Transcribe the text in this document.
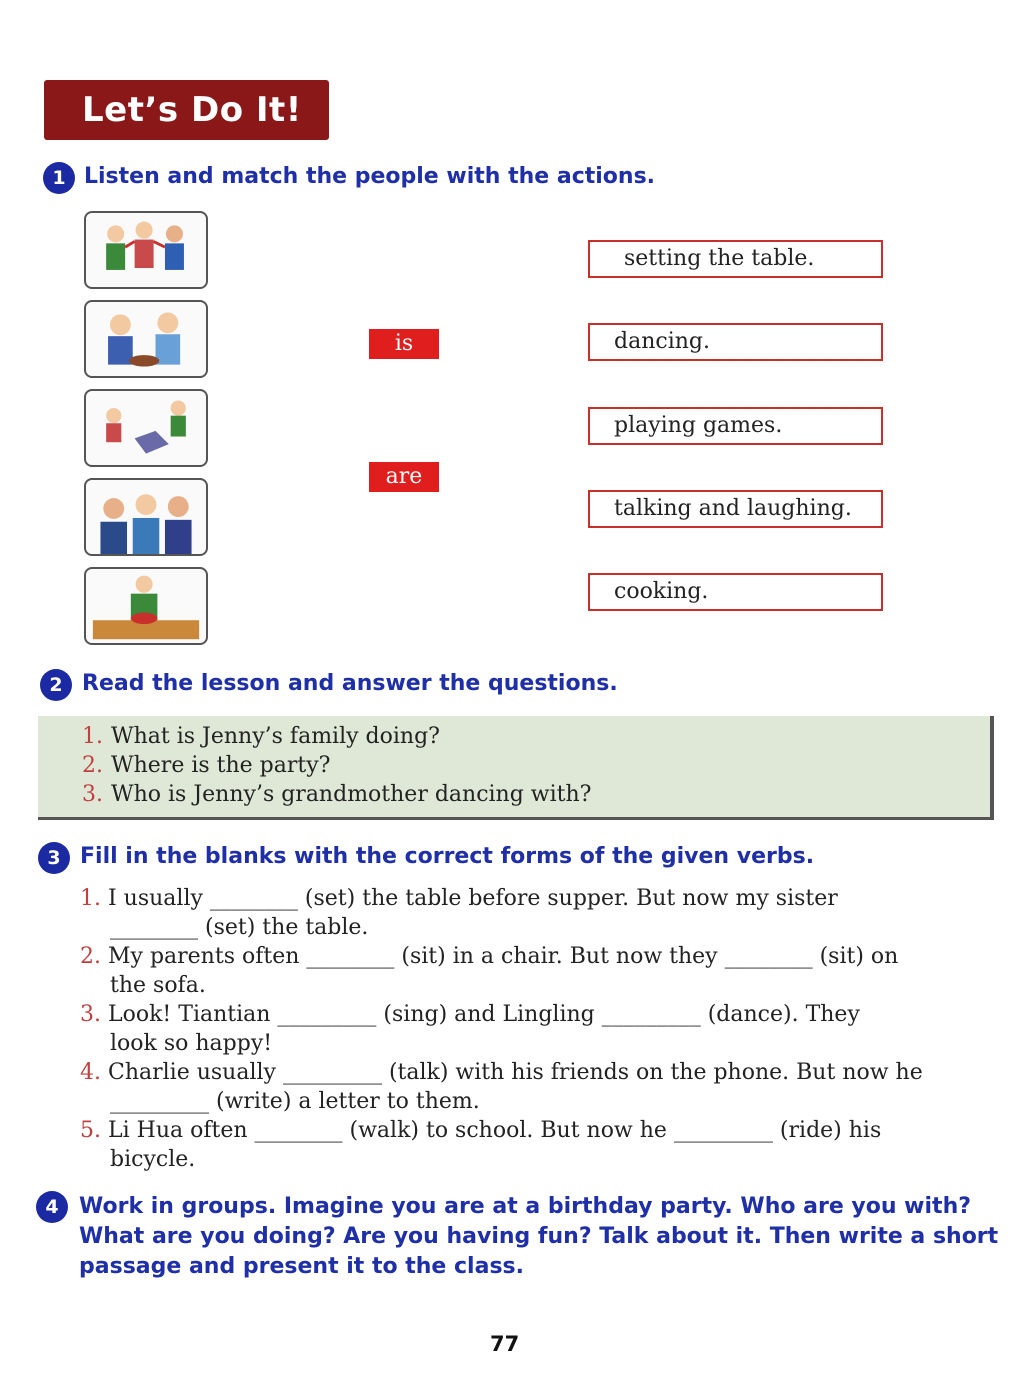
Let’s Do It!
1 Listen and match the people with the actions.
is
are
setting the table.
dancing.
playing games.
talking and laughing.
cooking.
2 Read the lesson and answer the questions.
1. What is Jenny’s family doing?
2. Where is the party?
3. Who is Jenny’s grandmother dancing with?
3 Fill in the blanks with the correct forms of the given verbs.
1. I usually ________ (set) the table before supper. But now my sister
________ (set) the table.
2. My parents often ________ (sit) in a chair. But now they ________ (sit) on
the sofa.
3. Look! Tiantian _________ (sing) and Lingling _________ (dance). They
look so happy!
4. Charlie usually _________ (talk) with his friends on the phone. But now he
_________ (write) a letter to them.
5. Li Hua often ________ (walk) to school. But now he _________ (ride) his
bicycle.
4 Work in groups. Imagine you are at a birthday party. Who are you with? What are you doing? Are you having fun? Talk about it. Then write a short passage and present it to the class.
77
